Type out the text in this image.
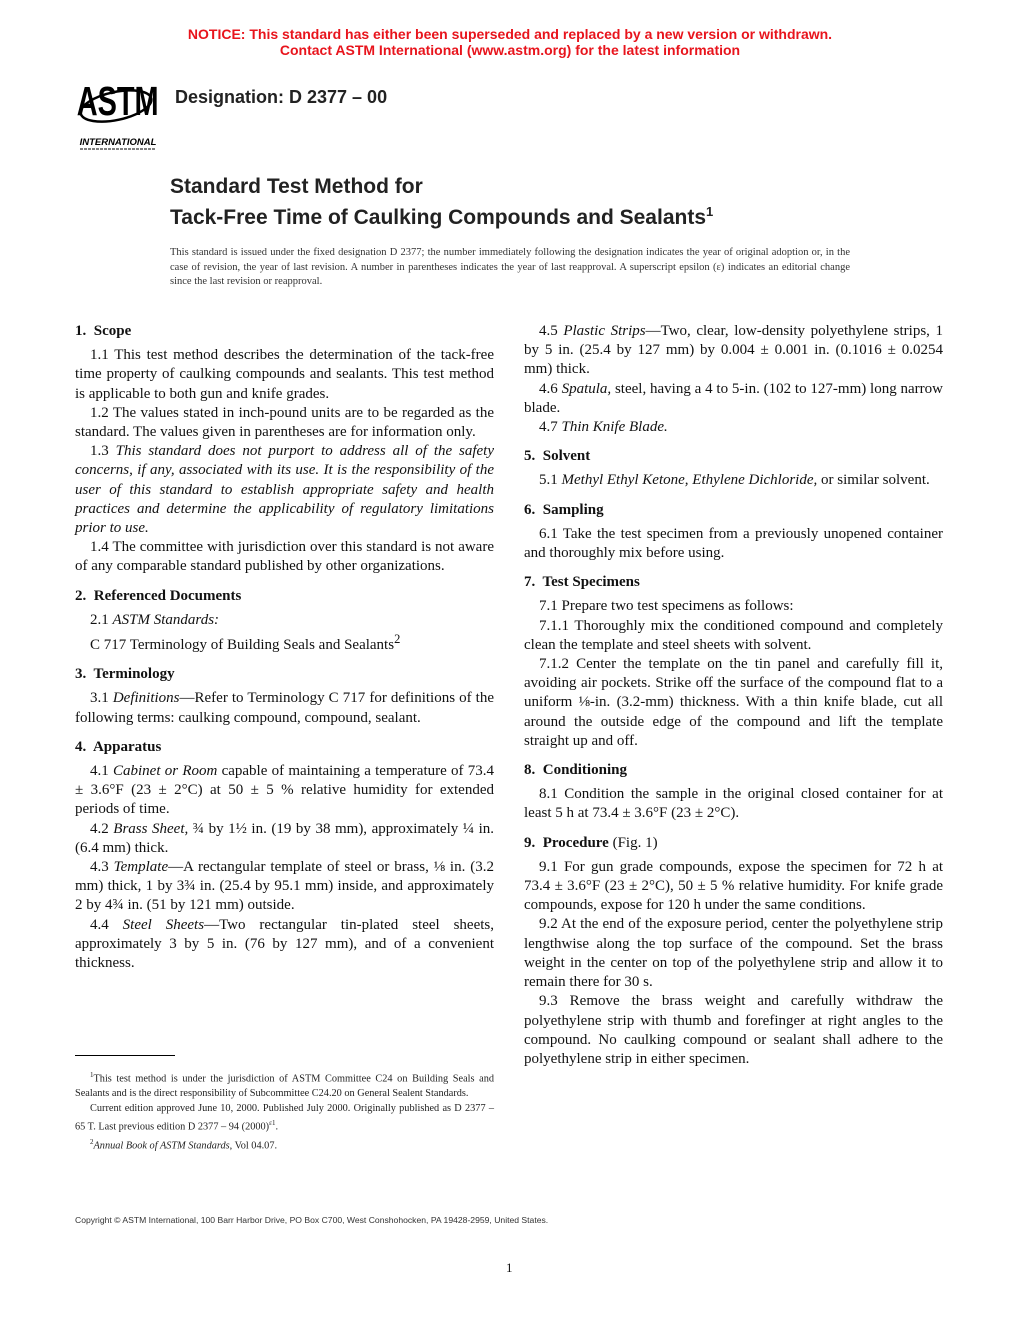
NOTICE: This standard has either been superseded and replaced by a new version or withdrawn.
Contact ASTM International (www.astm.org) for the latest information
ASTM
INTERNATIONAL
Designation: D 2377 – 00
Standard Test Method for
Tack-Free Time of Caulking Compounds and Sealants$^1$
This standard is issued under the fixed designation D 2377; the number immediately following the designation indicates the year of original adoption or, in the case of revision, the year of last revision. A number in parentheses indicates the year of last reapproval. A superscript epsilon (ε) indicates an editorial change since the last revision or reapproval.
1. Scope

1.1 This test method describes the determination of the tack-free time property of caulking compounds and sealants. This test method is applicable to both gun and knife grades.

1.2 The values stated in inch-pound units are to be regarded as the standard. The values given in parentheses are for information only.

1.3 This standard does not purport to address all of the safety concerns, if any, associated with its use. It is the responsibility of the user of this standard to establish appropriate safety and health practices and determine the applicability of regulatory limitations prior to use.

1.4 The committee with jurisdiction over this standard is not aware of any comparable standard published by other organizations.

2. Referenced Documents

2.1 ASTM Standards:

C 717 Terminology of Building Seals and Sealants$^2$

3. Terminology

3.1 Definitions—Refer to Terminology C 717 for definitions of the following terms: caulking compound, compound, sealant.

4. Apparatus

4.1 Cabinet or Room capable of maintaining a temperature of 73.4 ± 3.6°F (23 ± 2°C) at 50 ± 5 % relative humidity for extended periods of time.

4.2 Brass Sheet, ¾ by 1½ in. (19 by 38 mm), approximately ¼ in. (6.4 mm) thick.

4.3 Template—A rectangular template of steel or brass, ⅛ in. (3.2 mm) thick, 1 by 3¾ in. (25.4 by 95.1 mm) inside, and approximately 2 by 4¾ in. (51 by 121 mm) outside.

4.4 Steel Sheets—Two rectangular tin-plated steel sheets, approximately 3 by 5 in. (76 by 127 mm), and of a convenient thickness.

4.5 Plastic Strips—Two, clear, low-density polyethylene strips, 1 by 5 in. (25.4 by 127 mm) by 0.004 ± 0.001 in. (0.1016 ± 0.0254 mm) thick.

4.6 Spatula, steel, having a 4 to 5-in. (102 to 127-mm) long narrow blade.

4.7 Thin Knife Blade.

5. Solvent

5.1 Methyl Ethyl Ketone, Ethylene Dichloride, or similar solvent.

6. Sampling

6.1 Take the test specimen from a previously unopened container and thoroughly mix before using.

7. Test Specimens

7.1 Prepare two test specimens as follows:

7.1.1 Thoroughly mix the conditioned compound and completely clean the template and steel sheets with solvent.

7.1.2 Center the template on the tin panel and carefully fill it, avoiding air pockets. Strike off the surface of the compound flat to a uniform ⅛-in. (3.2-mm) thickness. With a thin knife blade, cut all around the outside edge of the compound and lift the template straight up and off.

8. Conditioning

8.1 Condition the sample in the original closed container for at least 5 h at 73.4 ± 3.6°F (23 ± 2°C).

9. Procedure (Fig. 1)

9.1 For gun grade compounds, expose the specimen for 72 h at 73.4 ± 3.6°F (23 ± 2°C), 50 ± 5 % relative humidity. For knife grade compounds, expose for 120 h under the same conditions.

9.2 At the end of the exposure period, center the polyethylene strip lengthwise along the top surface of the compound. Set the brass weight in the center on top of the polyethylene strip and allow it to remain there for 30 s.

9.3 Remove the brass weight and carefully withdraw the polyethylene strip with thumb and forefinger at right angles to the compound. No caulking compound or sealant shall adhere to the polyethylene strip in either specimen.

$^1$This test method is under the jurisdiction of ASTM Committee C24 on Building Seals and Sealants and is the direct responsibility of Subcommittee C24.20 on General Sealent Standards.

Current edition approved June 10, 2000. Published July 2000. Originally published as D 2377 – 65 T. Last previous edition D 2377 – 94 $(2000)^{\varepsilon 1}$.

$^2$Annual Book of ASTM Standards, Vol 04.07.

Copyright © ASTM International, 100 Barr Harbor Drive, PO Box C700, West Conshohocken, PA 19428-2959, United States.
1
